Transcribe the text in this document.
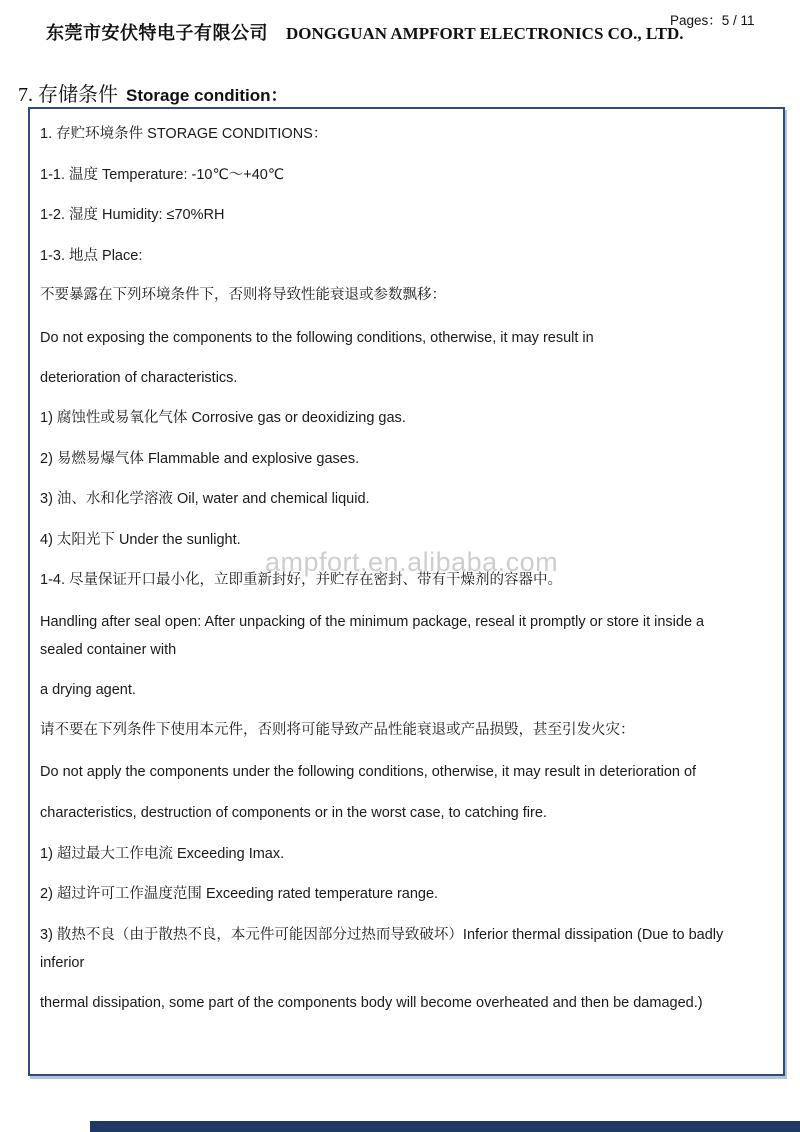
东莞市安伏特电子有限公司 DONGGUAN AMPFORT ELECTRONICS CO., LTD.
Pages：5 / 11
7. 存储条件 Storage condition：
ampfort.en.alibaba.com
1. 存贮环境条件 STORAGE CONDITIONS：
1-1. 温度 Temperature: -10℃～+40℃
1-2. 湿度 Humidity: ≤70%RH
1-3. 地点 Place:
不要暴露在下列环境条件下，否则将导致性能衰退或参数飘移：
Do not exposing the components to the following conditions, otherwise, it may result in
deterioration of characteristics.
1) 腐蚀性或易氧化气体 Corrosive gas or deoxidizing gas.
2) 易燃易爆气体 Flammable and explosive gases.
3) 油、水和化学溶液 Oil, water and chemical liquid.
4) 太阳光下 Under the sunlight.
1-4. 尽量保证开口最小化，立即重新封好，并贮存在密封、带有干燥剂的容器中。
Handling after seal open: After unpacking of the minimum package, reseal it promptly or store it inside a
sealed container with
a drying agent.
请不要在下列条件下使用本元件，否则将可能导致产品性能衰退或产品损毁，甚至引发火灾：
Do not apply the components under the following conditions, otherwise, it may result in deterioration of
characteristics, destruction of components or in the worst case, to catching fire.
1) 超过最大工作电流 Exceeding Imax.
2) 超过许可工作温度范围 Exceeding rated temperature range.
3) 散热不良（由于散热不良，本元件可能因部分过热而导致破坏）Inferior thermal dissipation (Due to badly
inferior
thermal dissipation, some part of the components body will become overheated and then be damaged.)
